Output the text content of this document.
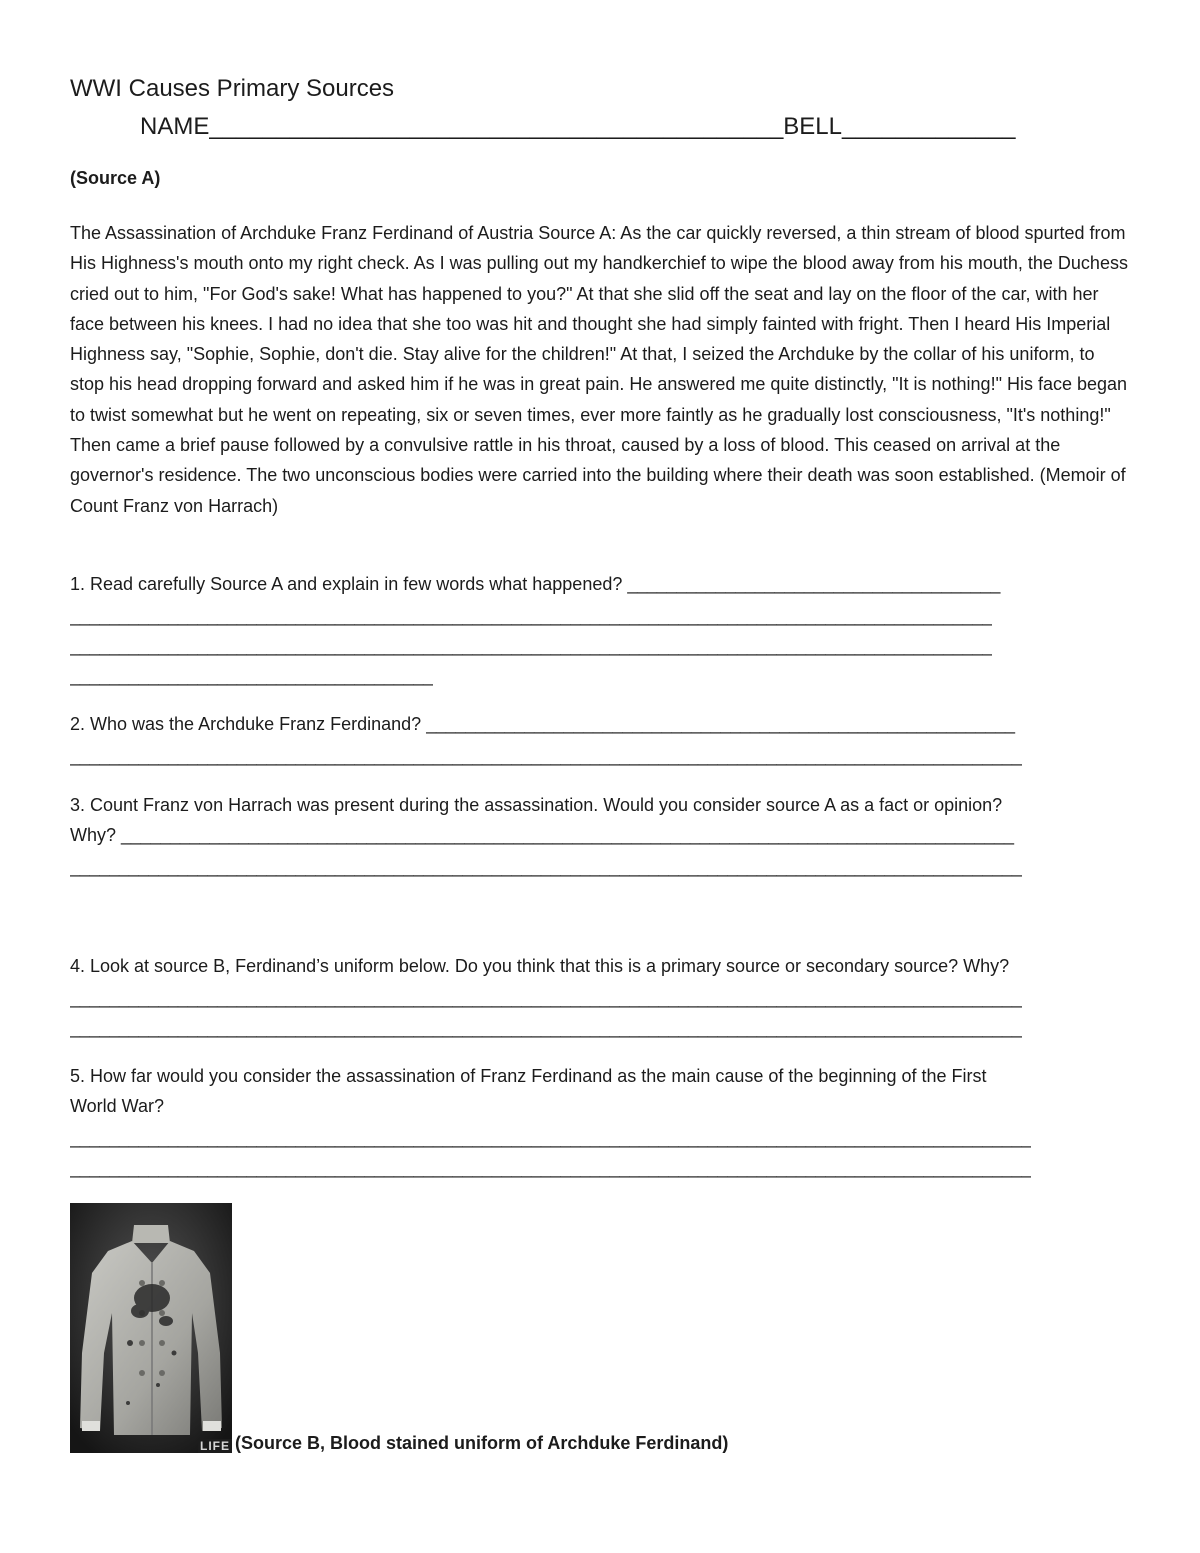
WWI Causes Primary Sources
NAME___________________________________________BELL_____________
(Source A)
The Assassination of Archduke Franz Ferdinand of Austria Source A: As the car quickly reversed, a thin stream of blood spurted from His Highness's mouth onto my right check. As I was pulling out my handkerchief to wipe the blood away from his mouth, the Duchess cried out to him, "For God's sake! What has happened to you?" At that she slid off the seat and lay on the floor of the car, with her face between his knees. I had no idea that she too was hit and thought she had simply fainted with fright. Then I heard His Imperial Highness say, "Sophie, Sophie, don't die. Stay alive for the children!" At that, I seized the Archduke by the collar of his uniform, to stop his head dropping forward and asked him if he was in great pain. He answered me quite distinctly, "It is nothing!" His face began to twist somewhat but he went on repeating, six or seven times, ever more faintly as he gradually lost consciousness, "It's nothing!" Then came a brief pause followed by a convulsive rattle in his throat, caused by a loss of blood. This ceased on arrival at the governor's residence. The two unconscious bodies were carried into the building where their death was soon established. (Memoir of Count Franz von Harrach)
1. Read carefully Source A and explain in few words what happened? ______________________________________
______________________________________________________________________________________________
______________________________________________________________________________________________
_____________________________________
2. Who was the Archduke Franz Ferdinand? ____________________________________________________________
_________________________________________________________________________________________________
3. Count Franz von Harrach was present during the assassination. Would you consider source A as a fact or opinion?
Why? ___________________________________________________________________________________________
_________________________________________________________________________________________________
4. Look at source B, Ferdinand’s uniform below. Do you think that this is a primary source or secondary source? Why?
_________________________________________________________________________________________________
_________________________________________________________________________________________________
5. How far would you consider the assassination of Franz Ferdinand as the main cause of the beginning of the First
World War?
__________________________________________________________________________________________________
__________________________________________________________________________________________________
LIFE (Source B, Blood stained uniform of Archduke Ferdinand)
